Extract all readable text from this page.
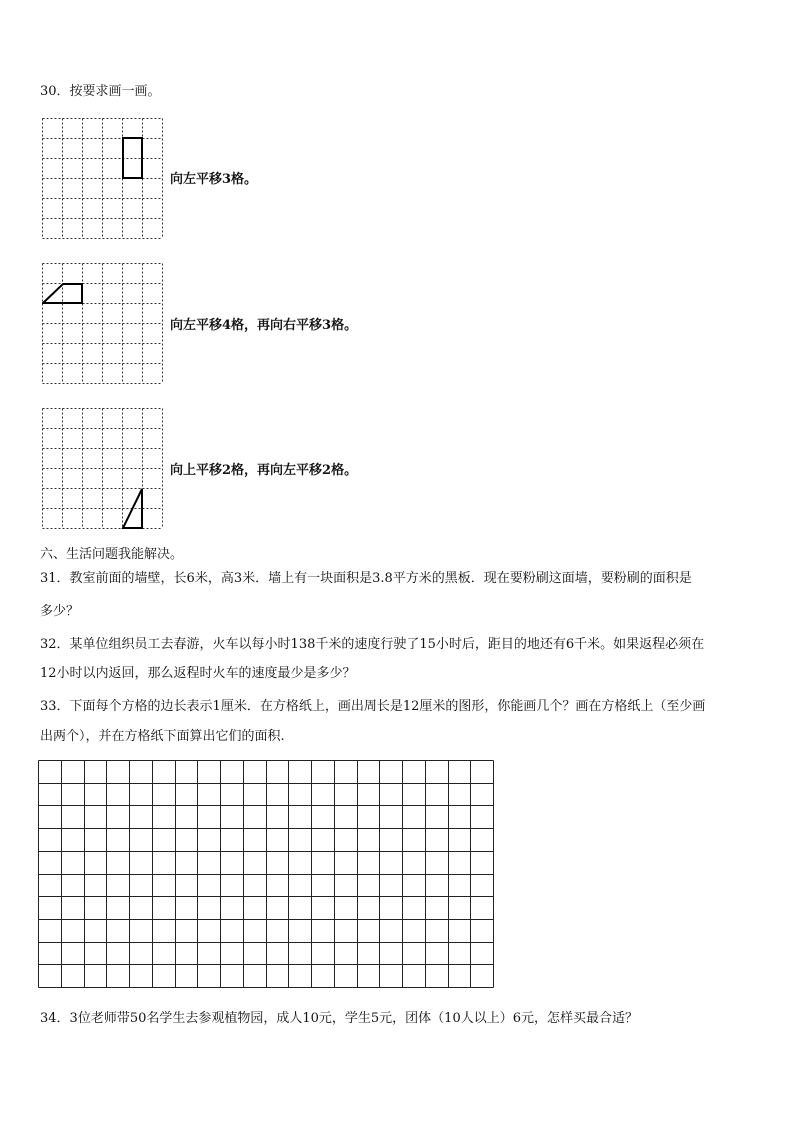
30．按要求画一画。
向左平移3格。
向左平移4格，再向右平移3格。
向上平移2格，再向左平移2格。
六、生活问题我能解决。
31．教室前面的墙壁，长6米，高3米．墙上有一块面积是3.8平方米的黑板．现在要粉刷这面墙，要粉刷的面积是
多少？
32．某单位组织员工去春游，火车以每小时138千米的速度行驶了15小时后，距目的地还有6千米。如果返程必须在
12小时以内返回，那么返程时火车的速度最少是多少？
33．下面每个方格的边长表示1厘米．在方格纸上，画出周长是12厘米的图形，你能画几个？画在方格纸上（至少画
出两个），并在方格纸下面算出它们的面积.
34．3位老师带50名学生去参观植物园，成人10元，学生5元，团体（10人以上）6元，怎样买最合适？
